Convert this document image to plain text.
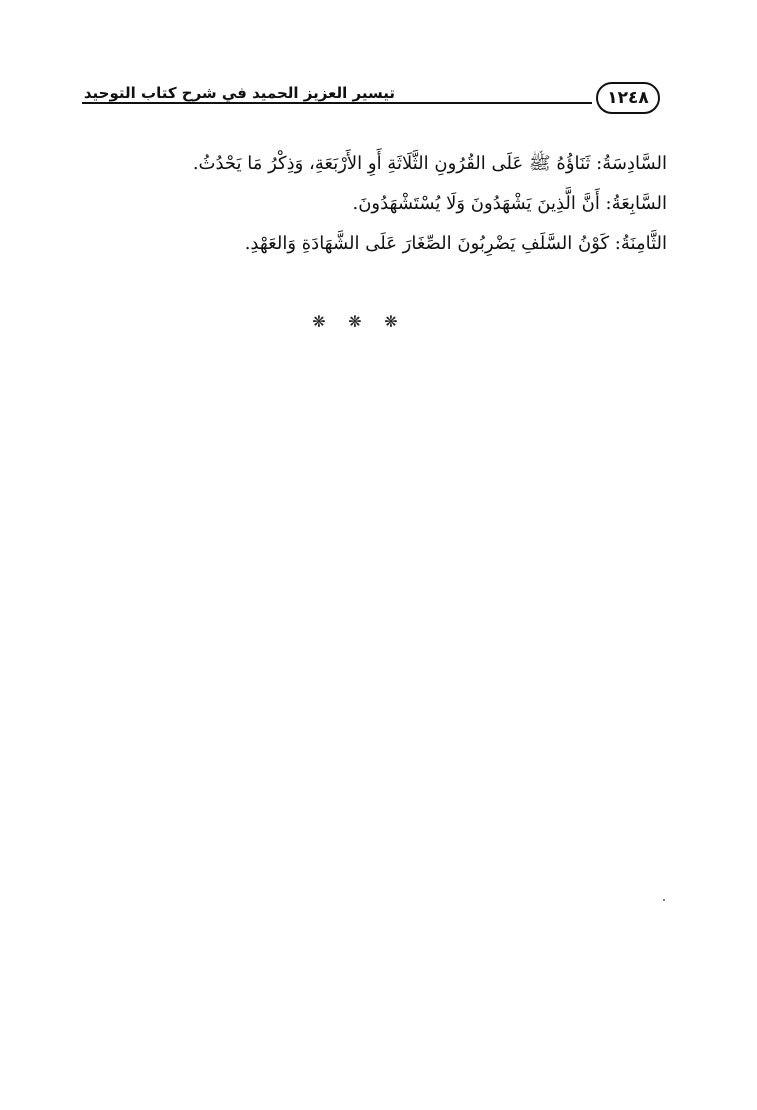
تيسير العزيز الحميد في شرح كتاب التوحيد	١٢٤٨
السَّادِسَةُ: ثَنَاؤُهُ ﷺ عَلَى القُرُونِ الثَّلَاثَةِ أَوِ الأَرْبَعَةِ، وَذِكْرُ مَا يَحْدُثُ.
السَّابِعَةُ: أَنَّ الَّذِينَ يَشْهَدُونَ وَلَا يُسْتَشْهَدُونَ.
الثَّامِنَةُ: كَوْنُ السَّلَفِ يَضْرِبُونَ الصِّغَارَ عَلَى الشَّهَادَةِ وَالعَهْدِ.
❋ ❋ ❋
